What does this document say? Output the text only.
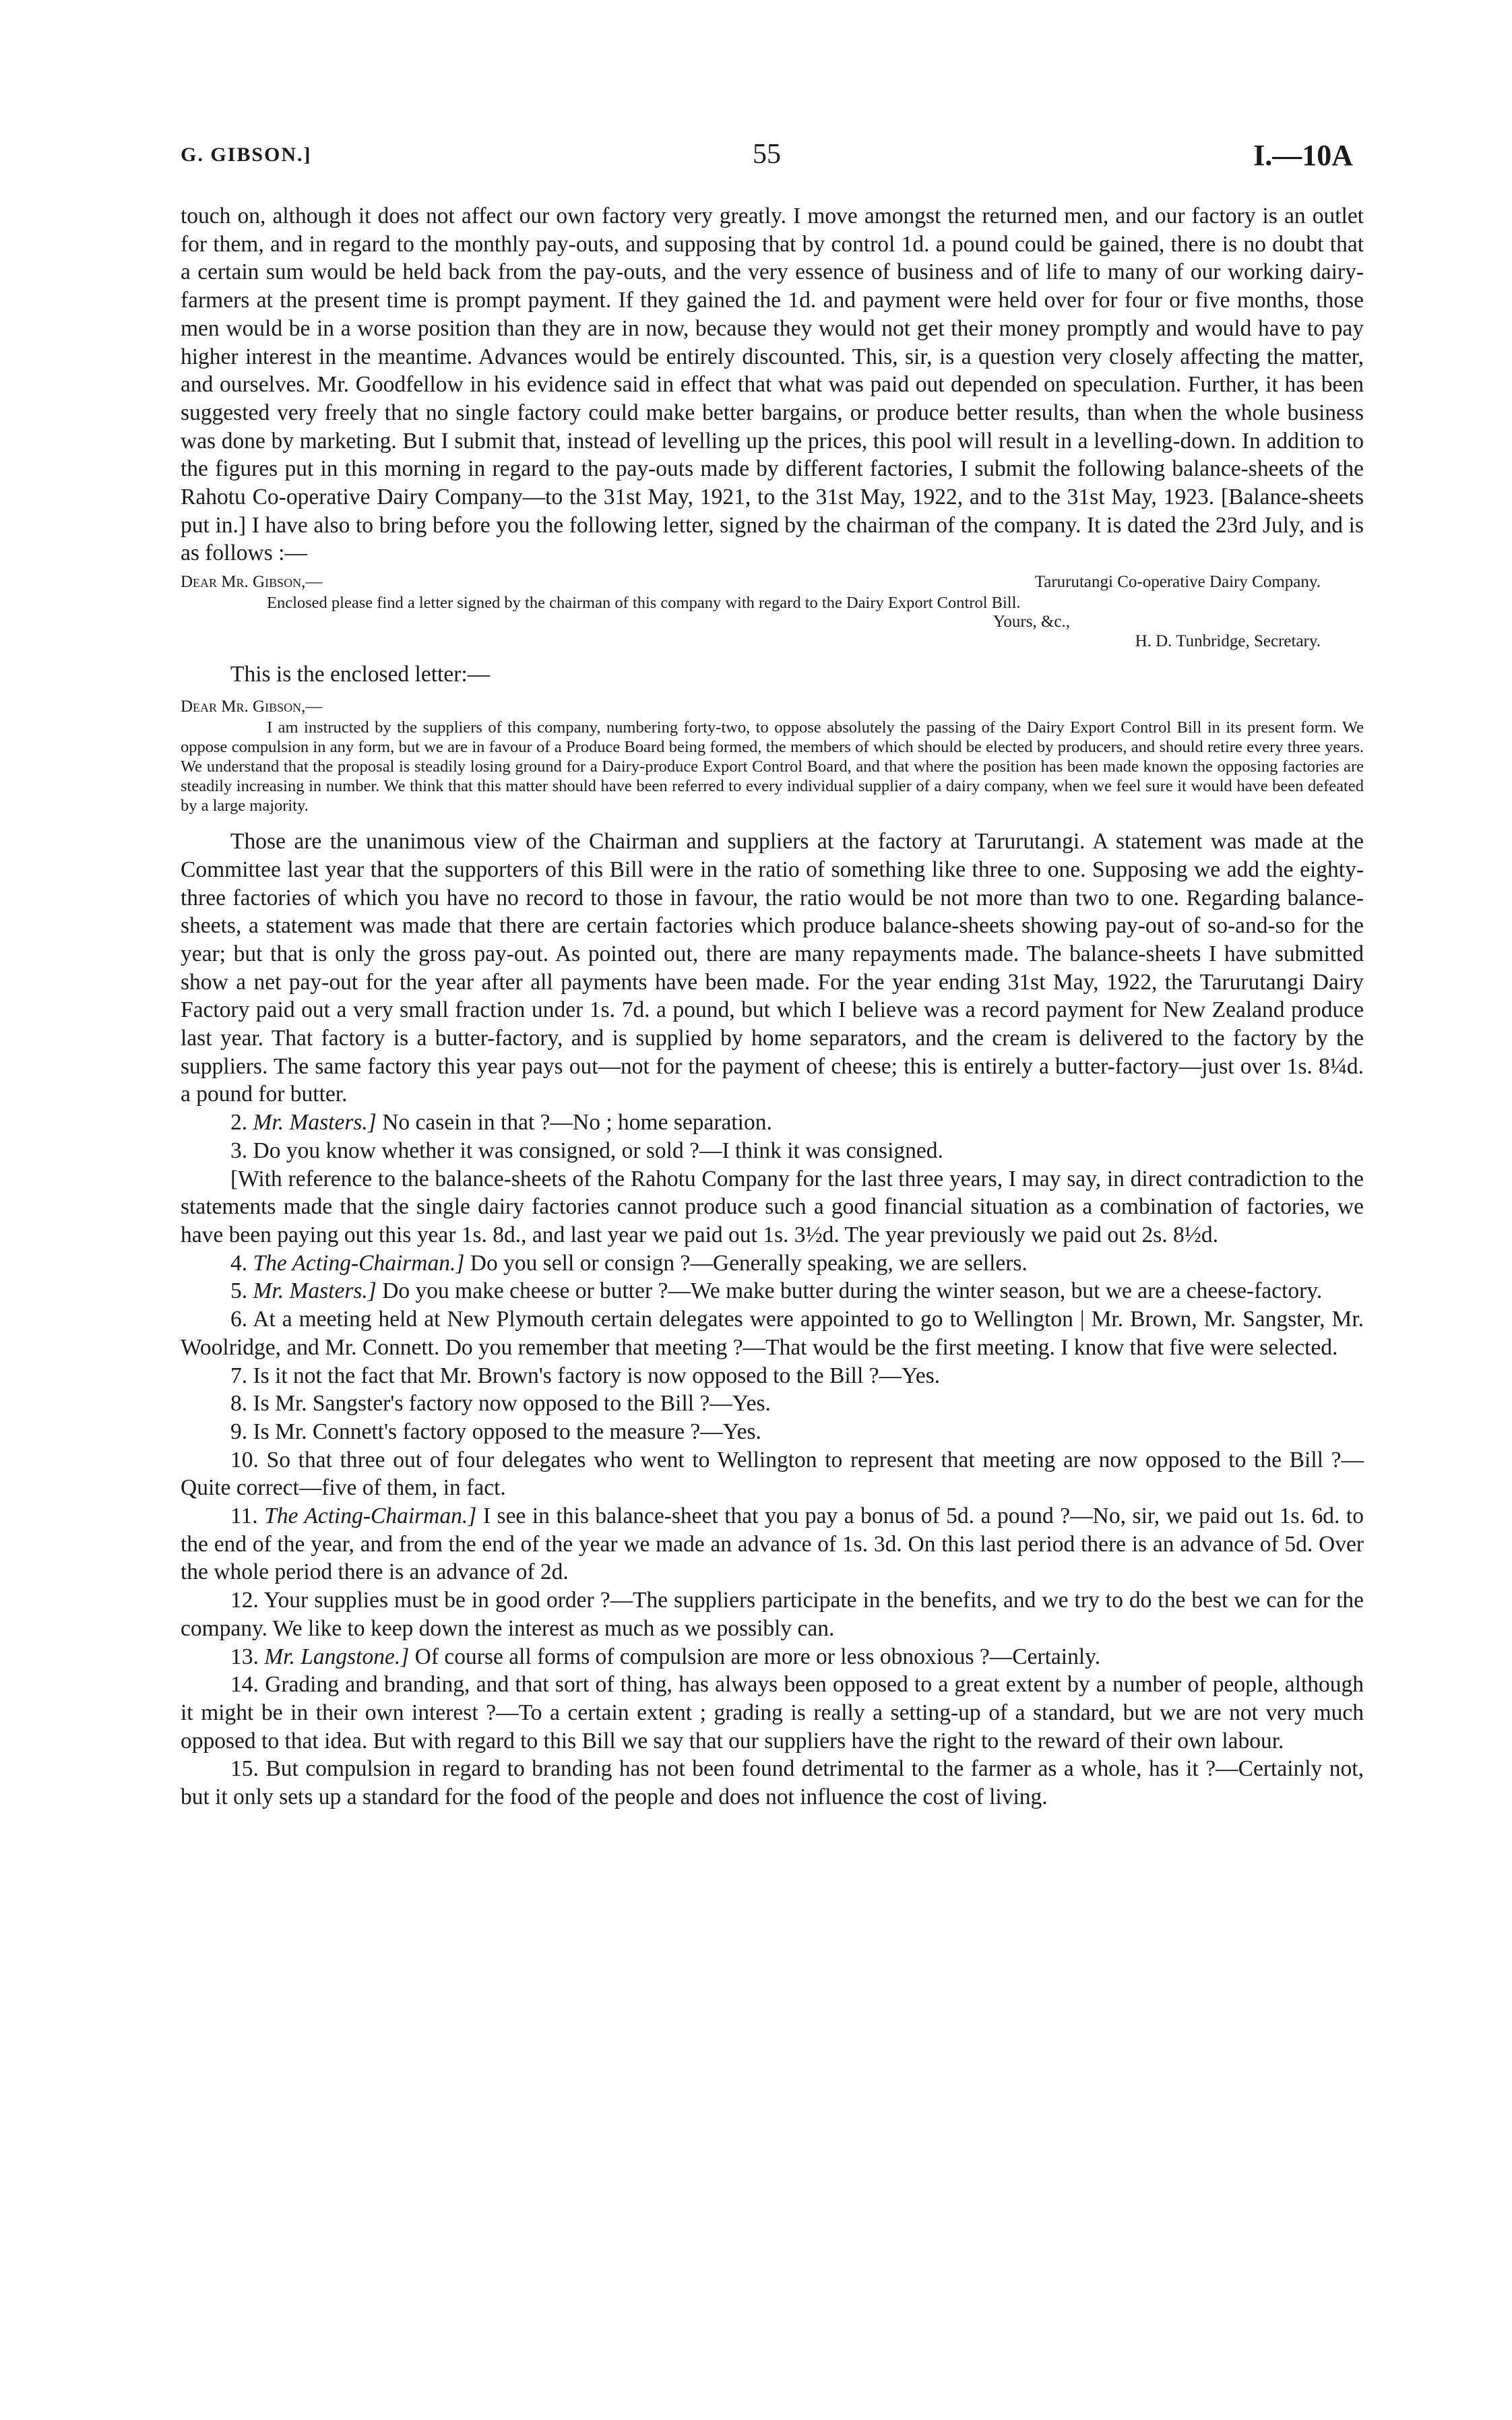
G. GIBSON.]	55	I.—10A

touch on, although it does not affect our own factory very greatly. I move amongst the returned men, and our factory is an outlet for them, and in regard to the monthly pay-outs, and supposing that by control 1d. a pound could be gained, there is no doubt that a certain sum would be held back from the pay-outs, and the very essence of business and of life to many of our working dairy-farmers at the present time is prompt payment. If they gained the 1d. and payment were held over for four or five months, those men would be in a worse position than they are in now, because they would not get their money promptly and would have to pay higher interest in the meantime. Advances would be entirely discounted. This, sir, is a question very closely affecting the matter, and ourselves. Mr. Goodfellow in his evidence said in effect that what was paid out depended on speculation. Further, it has been suggested very freely that no single factory could make better bargains, or produce better results, than when the whole business was done by marketing. But I submit that, instead of levelling up the prices, this pool will result in a levelling-down. In addition to the figures put in this morning in regard to the pay-outs made by different factories, I submit the following balance-sheets of the Rahotu Co-operative Dairy Company—to the 31st May, 1921, to the 31st May, 1922, and to the 31st May, 1923. [Balance-sheets put in.] I have also to bring before you the following letter, signed by the chairman of the company. It is dated the 23rd July, and is as follows :—

Dear Mr. Gibson,—	Tarurutangi Co-operative Dairy Company.

Enclosed please find a letter signed by the chairman of this company with regard to the Dairy Export Control Bill.

Yours, &c.,
H. D. Tunbridge, Secretary.

This is the enclosed letter:—

Dear Mr. Gibson,—

I am instructed by the suppliers of this company, numbering forty-two, to oppose absolutely the passing of the Dairy Export Control Bill in its present form. We oppose compulsion in any form, but we are in favour of a Produce Board being formed, the members of which should be elected by producers, and should retire every three years. We understand that the proposal is steadily losing ground for a Dairy-produce Export Control Board, and that where the position has been made known the opposing factories are steadily increasing in number. We think that this matter should have been referred to every individual supplier of a dairy company, when we feel sure it would have been defeated by a large majority.

Those are the unanimous view of the Chairman and suppliers at the factory at Tarurutangi. A statement was made at the Committee last year that the supporters of this Bill were in the ratio of something like three to one. Supposing we add the eighty-three factories of which you have no record to those in favour, the ratio would be not more than two to one. Regarding balance-sheets, a statement was made that there are certain factories which produce balance-sheets showing pay-out of so-and-so for the year; but that is only the gross pay-out. As pointed out, there are many repayments made. The balance-sheets I have submitted show a net pay-out for the year after all payments have been made. For the year ending 31st May, 1922, the Tarurutangi Dairy Factory paid out a very small fraction under 1s. 7d. a pound, but which I believe was a record payment for New Zealand produce last year. That factory is a butter-factory, and is supplied by home separators, and the cream is delivered to the factory by the suppliers. The same factory this year pays out—not for the payment of cheese; this is entirely a butter-factory—just over 1s. 8¼d. a pound for butter.

2. Mr. Masters.] No casein in that ?—No ; home separation.

3. Do you know whether it was consigned, or sold ?—I think it was consigned.

[With reference to the balance-sheets of the Rahotu Company for the last three years, I may say, in direct contradiction to the statements made that the single dairy factories cannot produce such a good financial situation as a combination of factories, we have been paying out this year 1s. 8d., and last year we paid out 1s. 3½d. The year previously we paid out 2s. 8½d.

4. The Acting-Chairman.] Do you sell or consign ?—Generally speaking, we are sellers.

5. Mr. Masters.] Do you make cheese or butter ?—We make butter during the winter season, but we are a cheese-factory.

6. At a meeting held at New Plymouth certain delegates were appointed to go to Wellington | Mr. Brown, Mr. Sangster, Mr. Woolridge, and Mr. Connett. Do you remember that meeting ?—That would be the first meeting. I know that five were selected.

7. Is it not the fact that Mr. Brown's factory is now opposed to the Bill ?—Yes.

8. Is Mr. Sangster's factory now opposed to the Bill ?—Yes.

9. Is Mr. Connett's factory opposed to the measure ?—Yes.

10. So that three out of four delegates who went to Wellington to represent that meeting are now opposed to the Bill ?—Quite correct—five of them, in fact.

11. The Acting-Chairman.] I see in this balance-sheet that you pay a bonus of 5d. a pound ?—No, sir, we paid out 1s. 6d. to the end of the year, and from the end of the year we made an advance of 1s. 3d. On this last period there is an advance of 5d. Over the whole period there is an advance of 2d.

12. Your supplies must be in good order ?—The suppliers participate in the benefits, and we try to do the best we can for the company. We like to keep down the interest as much as we possibly can.

13. Mr. Langstone.] Of course all forms of compulsion are more or less obnoxious ?—Certainly.

14. Grading and branding, and that sort of thing, has always been opposed to a great extent by a number of people, although it might be in their own interest ?—To a certain extent ; grading is really a setting-up of a standard, but we are not very much opposed to that idea. But with regard to this Bill we say that our suppliers have the right to the reward of their own labour.

15. But compulsion in regard to branding has not been found detrimental to the farmer as a whole, has it ?—Certainly not, but it only sets up a standard for the food of the people and does not influence the cost of living.
